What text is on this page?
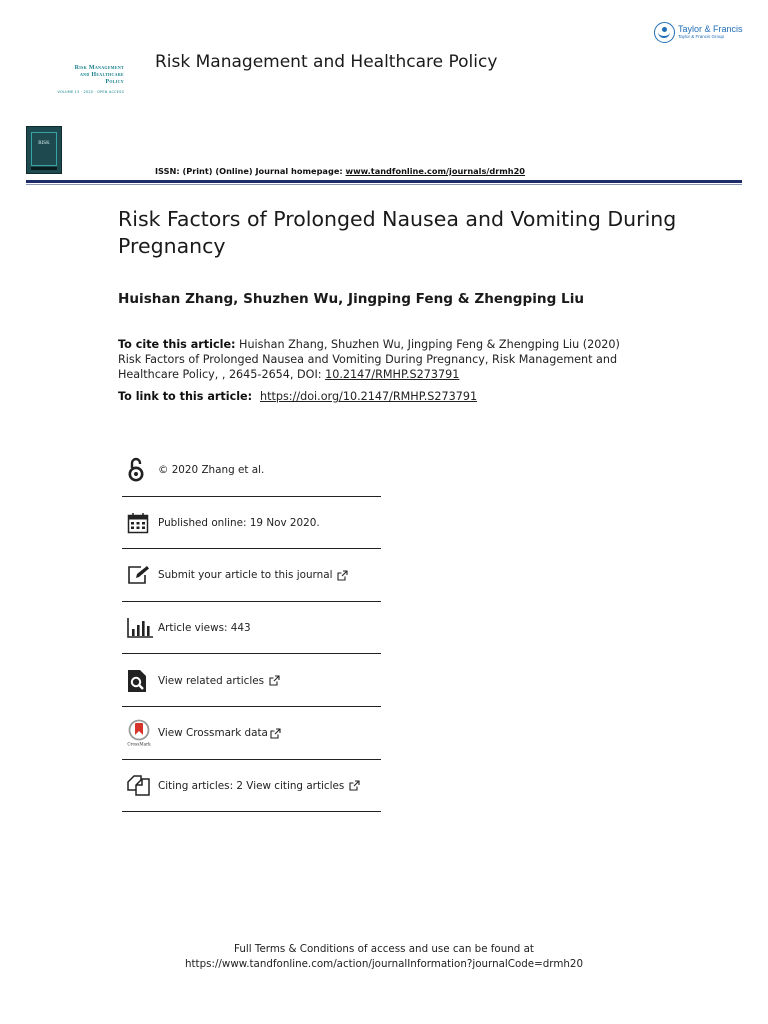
Taylor & Francis
Taylor & Francis Group
Risk Management
and Healthcare
Policy
VOLUME 13 · 2020 · OPEN ACCESS
Risk Management and Healthcare Policy
RISK
ISSN: (Print) (Online) Journal homepage: www.tandfonline.com/journals/drmh20
Risk Factors of Prolonged Nausea and Vomiting During Pregnancy
Huishan Zhang, Shuzhen Wu, Jingping Feng & Zhengping Liu
To cite this article: Huishan Zhang, Shuzhen Wu, Jingping Feng & Zhengping Liu (2020) Risk Factors of Prolonged Nausea and Vomiting During Pregnancy, Risk Management and Healthcare Policy, , 2645-2654, DOI: 10.2147/RMHP.S273791
To link to this article: https://doi.org/10.2147/RMHP.S273791
© 2020 Zhang et al.
Published online: 19 Nov 2020.
Submit your article to this journal
Article views: 443
View related articles
CrossMark
View Crossmark data
Citing articles: 2 View citing articles
Full Terms & Conditions of access and use can be found at
https://www.tandfonline.com/action/journalInformation?journalCode=drmh20
